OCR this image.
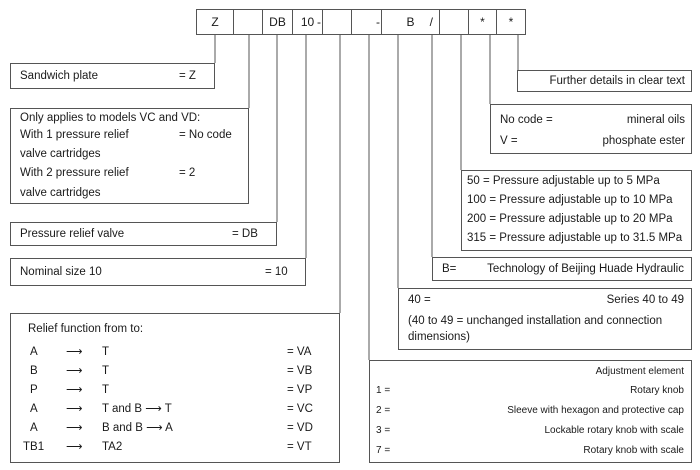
Z	DB	10 -	-	B /	*	*
Further details in clear text
No code =	mineral oils
V =	phosphate ester
50 = Pressure adjustable up to 5 MPa
100 = Pressure adjustable up to 10 MPa
200 = Pressure adjustable up to 20 MPa
315 = Pressure adjustable up to 31.5 MPa
B=	Technology of Beijing Huade Hydraulic
40 =	Series 40 to 49
(40 to 49 = unchanged installation and connection dimensions)
Adjustment element
1 =	Rotary knob
2 =	Sleeve with hexagon and protective cap
3 =	Lockable rotary knob with scale
7 =	Rotary knob with scale
Sandwich plate	= Z
Only applies to models VC and VD:
With 1 pressure relief	= No code
valve cartridges
With 2 pressure relief	= 2
valve cartridges
Pressure relief valve	= DB
Nominal size 10	= 10
Relief function from to:
A ⟶ T	= VA
B ⟶ T	= VB
P ⟶ T	= VP
A ⟶ T and B ⟶ T	= VC
A ⟶ B and B ⟶ A	= VD
TB1 ⟶ TA2	= VT
